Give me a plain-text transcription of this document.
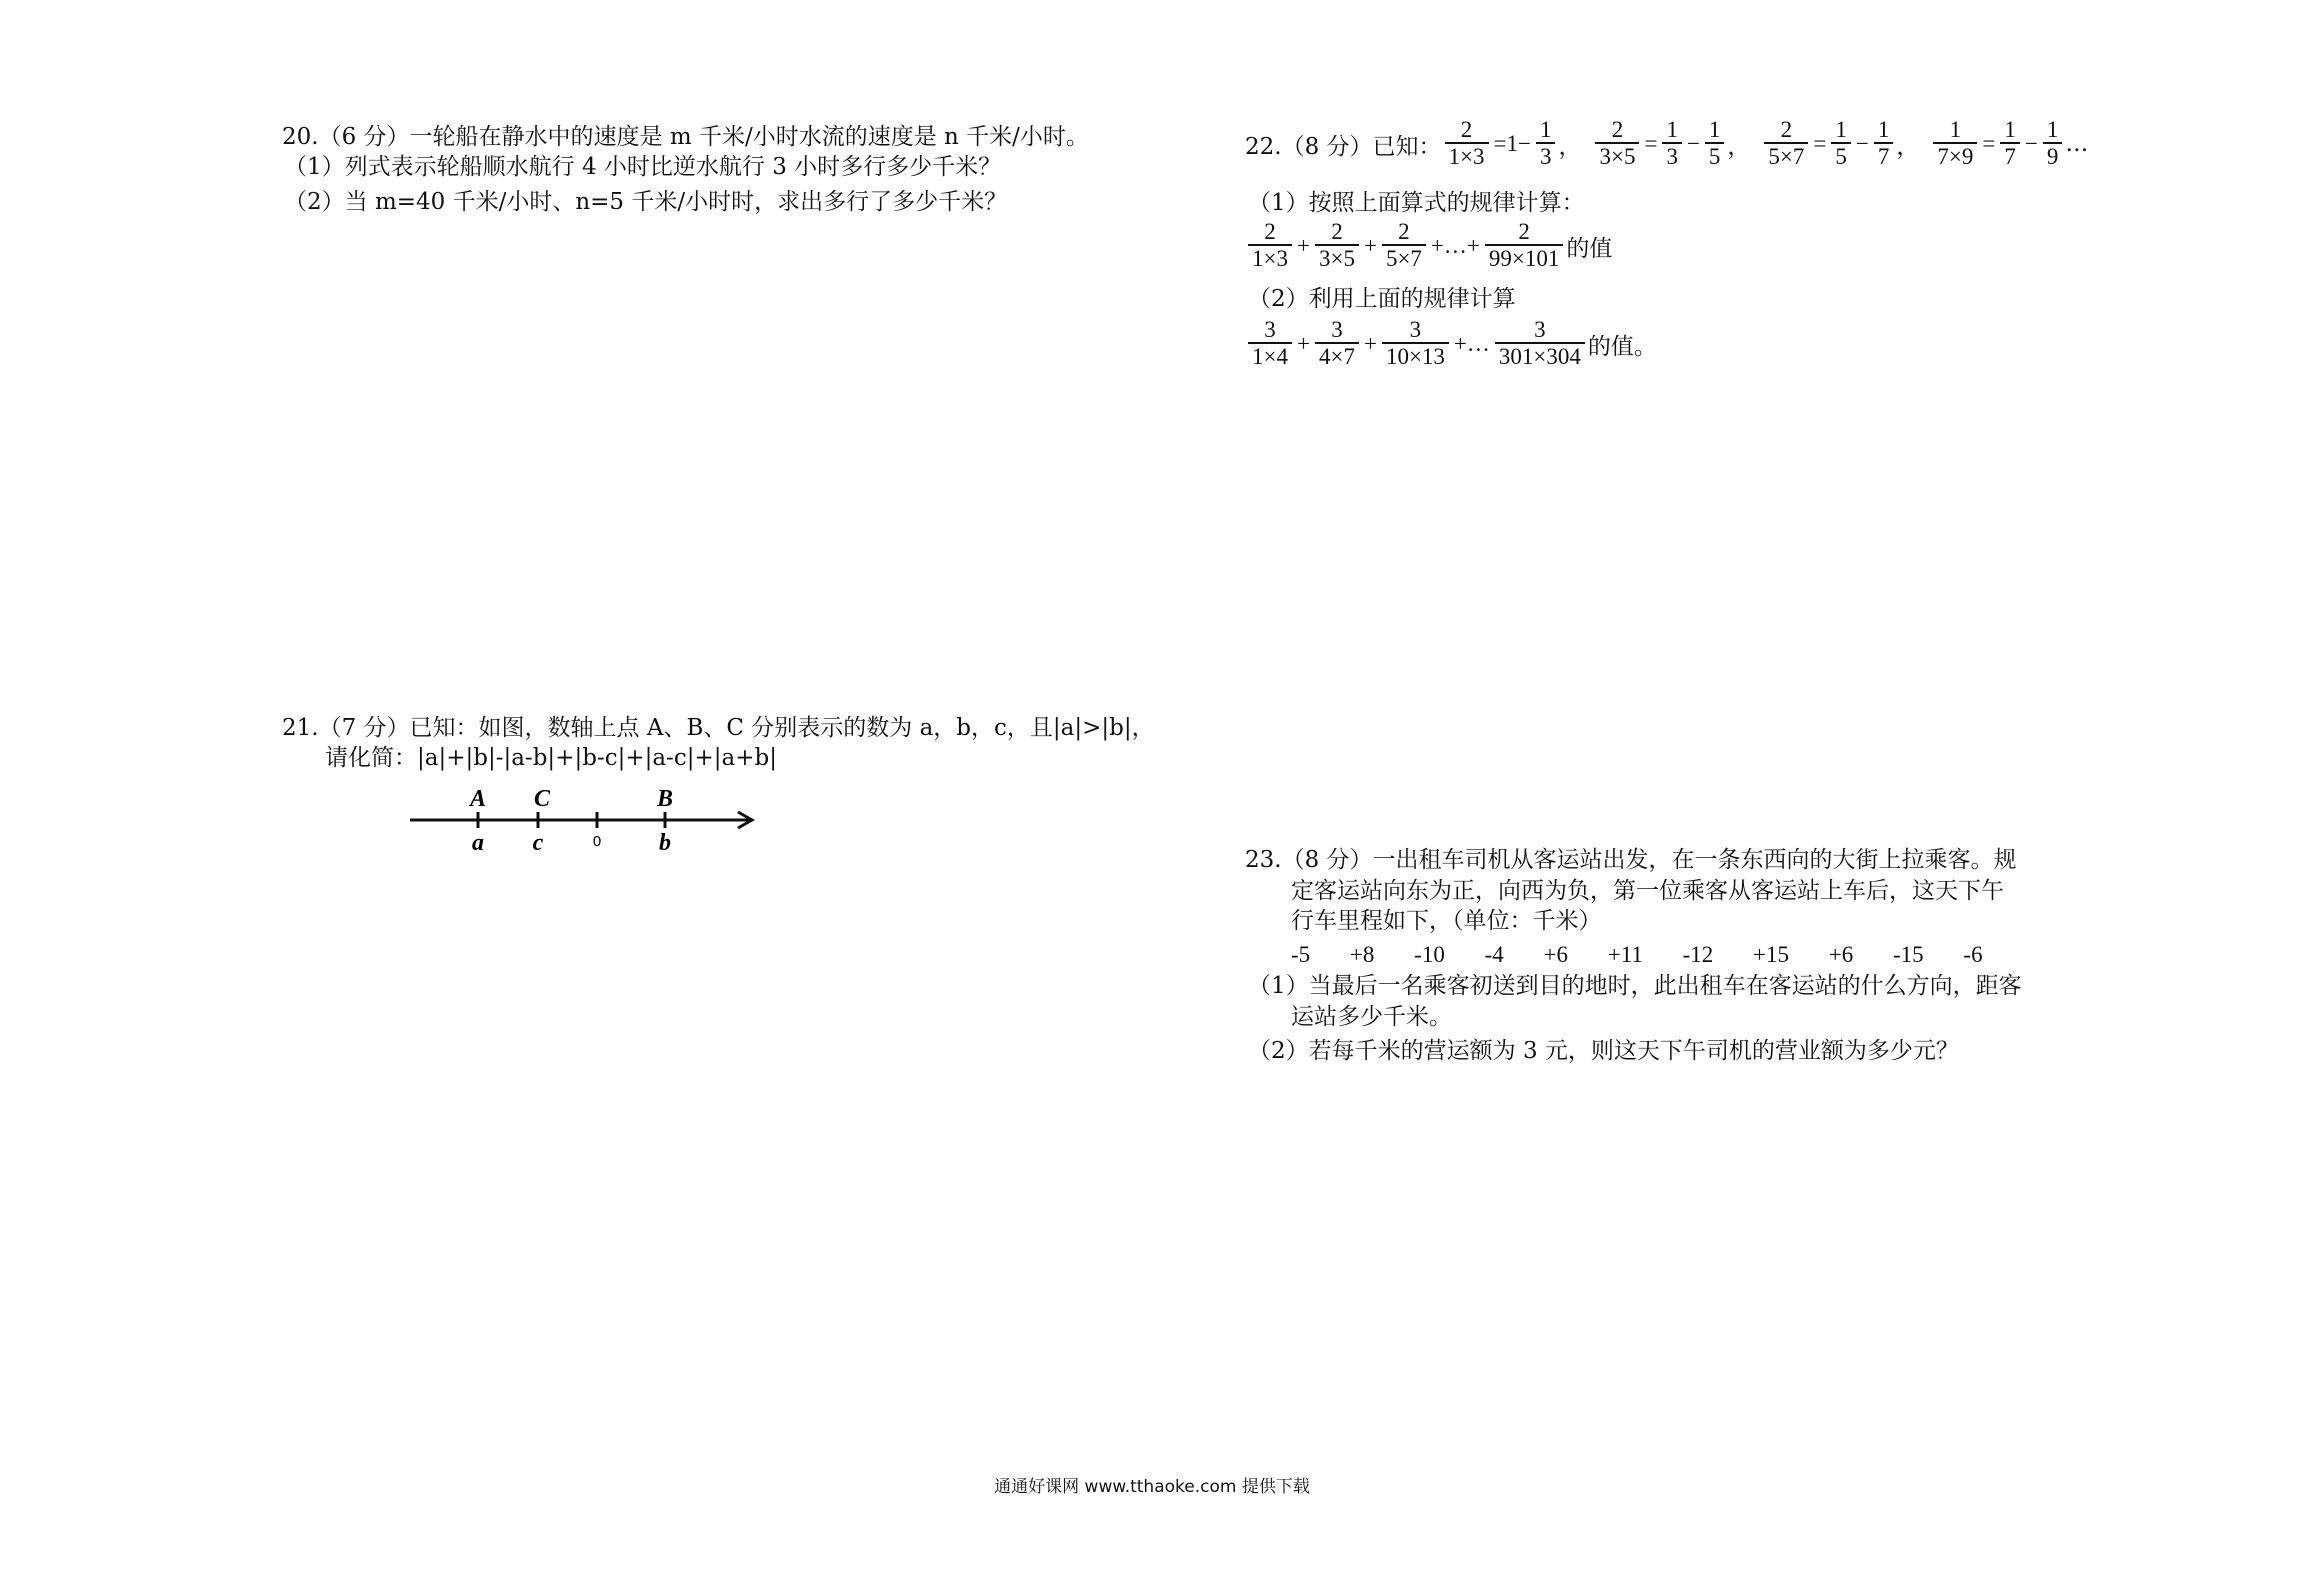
20.（6 分）一轮船在静水中的速度是 m 千米/小时水流的速度是 n 千米/小时。
（1）列式表示轮船顺水航行 4 小时比逆水航行 3 小时多行多少千米？
（2）当 m=40 千米/小时、n=5 千米/小时时，求出多行了多少千米？
21.（7 分）已知：如图，数轴上点 A、B、C 分别表示的数为 a，b，c，且|a|>|b|，
请化简：|a|+|b|-|a-b|+|b-c|+|a-c|+|a+b|
A C	B
a c	0 b
22.（8 分）已知： $\frac{2}{1\times 3} =1- \frac{1}{3}$ ， $\frac{2}{3\times 5} = \frac{1}{3} - \frac{1}{5}$ ， $\frac{2}{5\times 7} = \frac{1}{5} - \frac{1}{7}$ ， $\frac{1}{7\times 9} = \frac{1}{7} - \frac{1}{9}$ …
（1）按照上面算式的规律计算：
$\frac{2}{1\times 3} + \frac{2}{3\times 5} + \frac{2}{5\times 7}$ +…+ $\frac{2}{99\times 101}$ 的值
（2）利用上面的规律计算
$\frac{3}{1\times 4} + \frac{3}{4\times 7} + \frac{3}{10\times 13}$ +… $\frac{3}{301\times 304}$ 的值。
23.（8 分）一出租车司机从客运站出发，在一条东西向的大街上拉乘客。规
定客运站向东为正，向西为负，第一位乘客从客运站上车后，这天下午
行车里程如下，（单位：千米）
-5 +8 -10 -4 +6 +11 -12 +15 +6 -15 -6
（1）当最后一名乘客初送到目的地时，此出租车在客运站的什么方向，距客
运站多少千米。
（2）若每千米的营运额为 3 元，则这天下午司机的营业额为多少元？
通通好课网 www.tthaoke.com 提供下载
